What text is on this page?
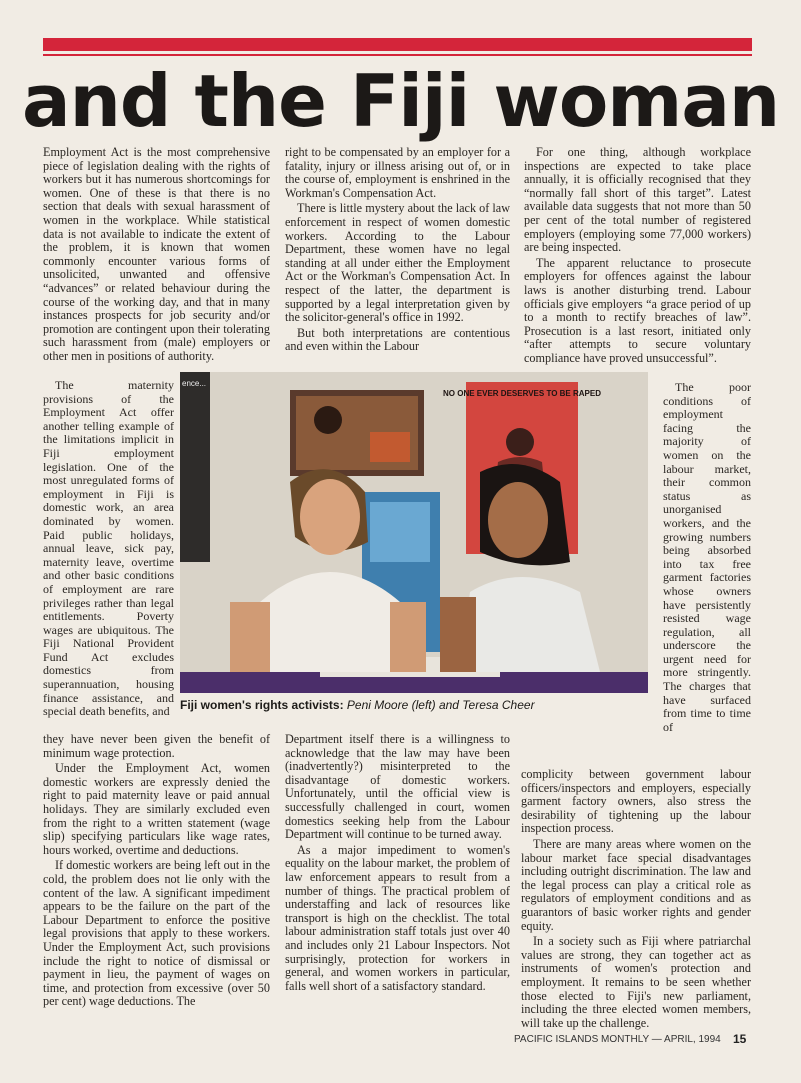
and the Fiji woman

Employment Act is the most comprehensive piece of legislation dealing with the rights of workers but it has numerous shortcomings for women. One of these is that there is no section that deals with sexual harassment of women in the workplace. While statistical data is not available to indicate the extent of the problem, it is known that women commonly encounter various forms of unsolicited, unwanted and offensive “advances” or related behaviour during the course of the working day, and that in many instances prospects for job security and/or promotion are contingent upon their tolerating such harassment from (male) employers or other men in positions of authority.

right to be compensated by an employer for a fatality, injury or illness arising out of, or in the course of, employment is enshrined in the Workman's Compensation Act.

There is little mystery about the lack of law enforcement in respect of women domestic workers. According to the Labour Department, these women have no legal standing at all under either the Employment Act or the Workman's Compensation Act. In respect of the latter, the department is supported by a legal interpretation given by the solicitor-general's office in 1992.

But both interpretations are contentious and even within the Labour

For one thing, although workplace inspections are expected to take place annually, it is officially recognised that they “normally fall short of this target”. Latest available data suggests that not more than 50 per cent of the total number of registered employers (employing some 77,000 workers) are being inspected.

The apparent reluctance to prosecute employers for offences against the labour laws is another disturbing trend. Labour officials give employers “a grace period of up to a month to rectify breaches of law”. Prosecution is a last resort, initiated only “after attempts to secure voluntary compliance have proved unsuccessful”.

The maternity provisions of the Employment Act offer another telling example of the limitations implicit in Fiji employment legislation. One of the most unregulated forms of employment in Fiji is domestic work, an area dominated by women. Paid public holidays, annual leave, sick pay, maternity leave, overtime and other basic conditions of employment are rare privileges rather than legal entitlements. Poverty wages are ubiquitous. The Fiji National Provident Fund Act excludes domestics from superannuation, housing finance assistance, and special death benefits, and

The poor conditions of employment facing the majority of women on the labour market, their common status as unorganised workers, and the growing numbers being absorbed into tax free garment factories whose owners have persistently resisted wage regulation, all underscore the urgent need for more stringently. The charges that have surfaced from time to time of

ence...
NO ONE EVER DESERVES TO BE RAPED
Fiji women's rights activists: Peni Moore (left) and Teresa Cheer

they have never been given the benefit of minimum wage protection.

Under the Employment Act, women domestic workers are expressly denied the right to paid maternity leave or paid annual holidays. They are similarly excluded even from the right to a written statement (wage slip) specifying particulars like wage rates, hours worked, overtime and deductions.

If domestic workers are being left out in the cold, the problem does not lie only with the content of the law. A significant impediment appears to be the failure on the part of the Labour Department to enforce the positive legal provisions that apply to these workers. Under the Employment Act, such provisions include the right to notice of dismissal or payment in lieu, the payment of wages on time, and protection from excessive (over 50 per cent) wage deductions. The

Department itself there is a willingness to acknowledge that the law may have been (inadvertently?) misinterpreted to the disadvantage of domestic workers. Unfortunately, until the official view is successfully challenged in court, women domestics seeking help from the Labour Department will continue to be turned away.

As a major impediment to women's equality on the labour market, the problem of law enforcement appears to result from a number of things. The practical problem of understaffing and lack of resources like transport is high on the checklist. The total labour administration staff totals just over 40 and includes only 21 Labour Inspectors. Not surprisingly, protection for workers in general, and women workers in particular, falls well short of a satisfactory standard.

complicity between government labour officers/inspectors and employers, especially garment factory owners, also stress the desirability of tightening up the labour inspection process.

There are many areas where women on the labour market face special disadvantages including outright discrimination. The law and the legal process can play a critical role as regulators of employment conditions and as guarantors of basic worker rights and gender equity.

In a society such as Fiji where patriarchal values are strong, they can together act as instruments of women's protection and employment. It remains to be seen whether those elected to Fiji's new parliament, including the three elected women members, will take up the challenge.

PACIFIC ISLANDS MONTHLY — APRIL, 1994 15
